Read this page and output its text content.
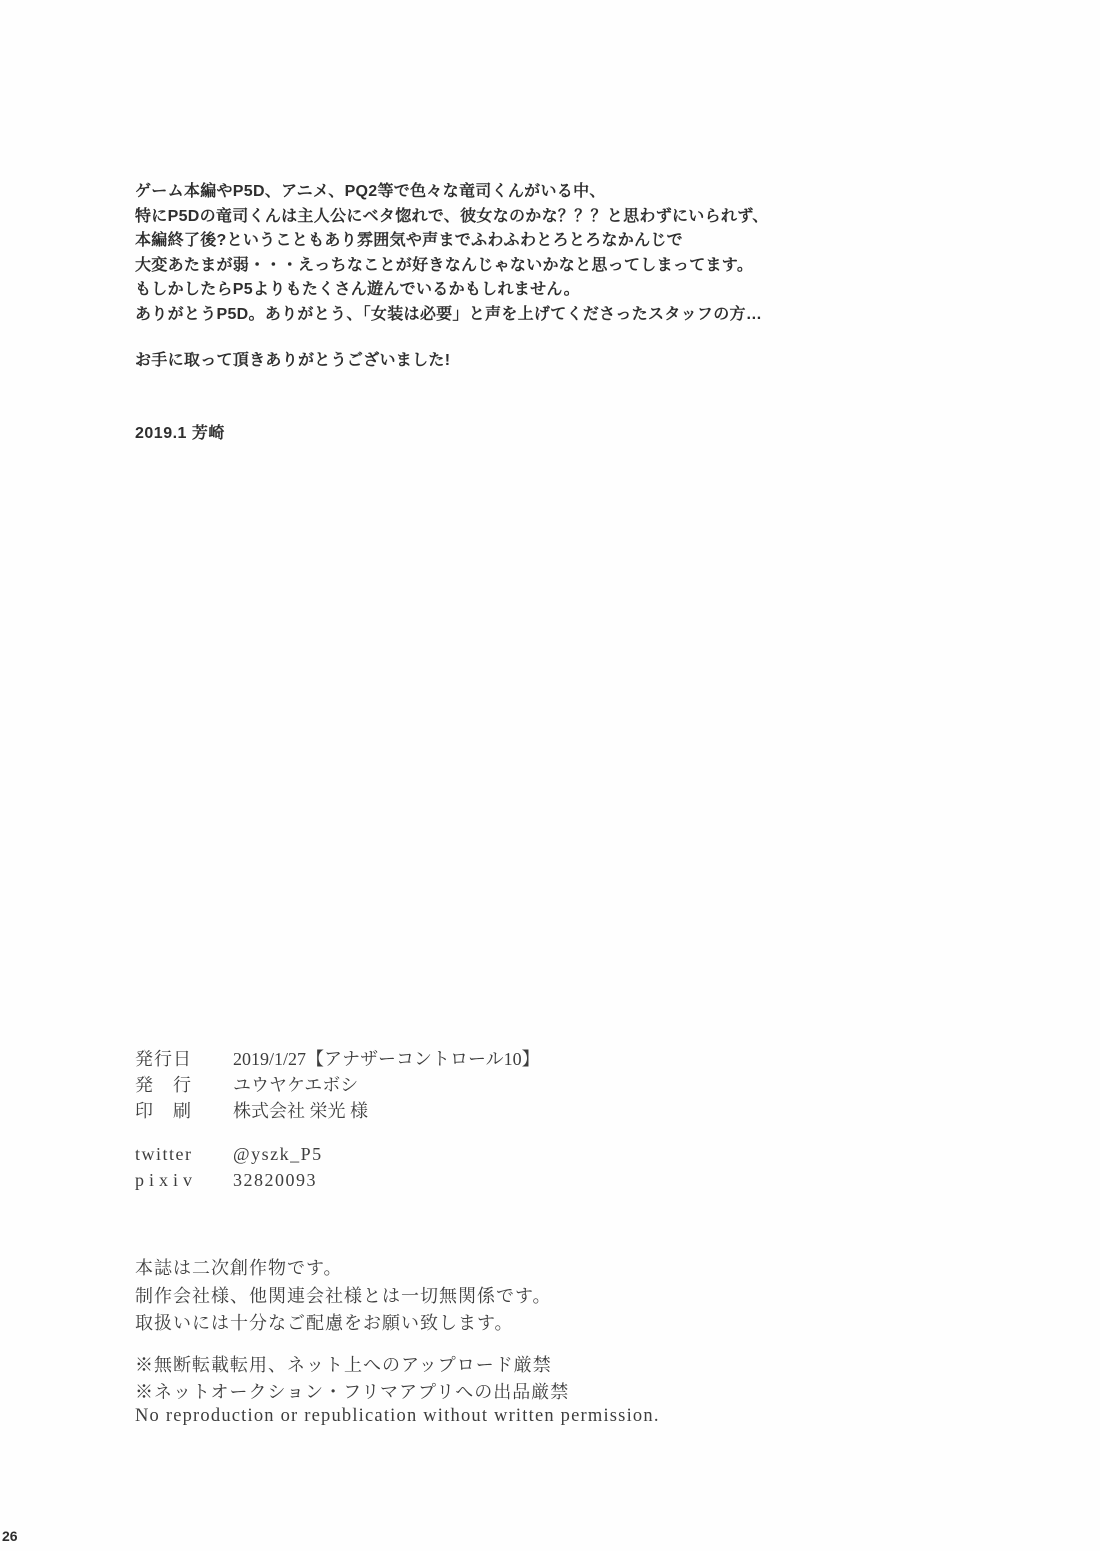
ゲーム本編やP5D、アニメ、PQ2等で色々な竜司くんがいる中、
特にP5Dの竜司くんは主人公にベタ惚れで、彼女なのかな？？？と思わずにいられず、
本編終了後?ということもあり雰囲気や声までふわふわとろとろなかんじで
大変あたまが弱・・・えっちなことが好きなんじゃないかなと思ってしまってます。
もしかしたらP5よりもたくさん遊んでいるかもしれません。
ありがとうP5D。ありがとう、「女装は必要」と声を上げてくださったスタッフの方…
お手に取って頂きありがとうございました!
2019.1 芳崎
発行日 2019/1/27【アナザーコントロール10】
発　行 ユウヤケエボシ
印　刷 株式会社 栄光 様
twitter @yszk_P5
pixiv 32820093
本誌は二次創作物です。
制作会社様、他関連会社様とは一切無関係です。
取扱いには十分なご配慮をお願い致します。
※無断転載転用、ネット上へのアップロード厳禁
※ネットオークション・フリマアプリへの出品厳禁
No reproduction or republication without written permission.
26
